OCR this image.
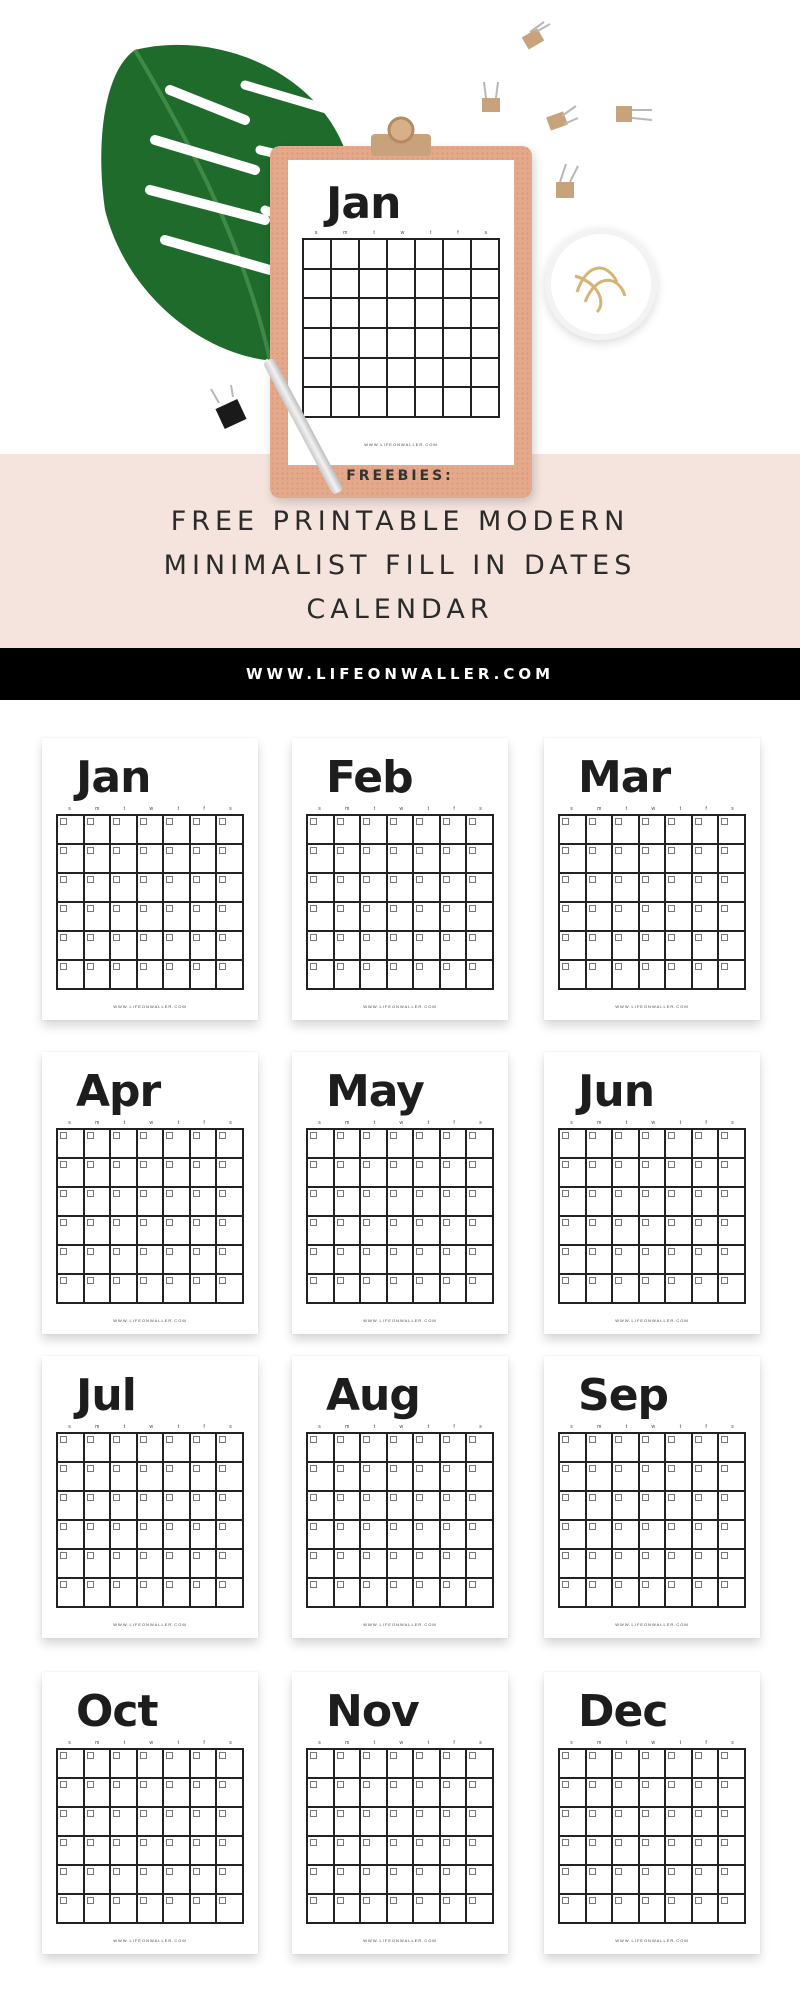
Jan
s	m	t	w	t	f	s
WWW.LIFEONWALLER.COM
FREEBIES:
FREE PRINTABLE MODERN
MINIMALIST FILL IN DATES
CALENDAR
WWW.LIFEONWALLER.COM
Jan
s	m	t	w	t	f	s
WWW.LIFEONWALLER.COM
Feb
s	m	t	w	t	f	s
WWW.LIFEONWALLER.COM
Mar
s	m	t	w	t	f	s
WWW.LIFEONWALLER.COM
Apr
s	m	t	w	t	f	s
WWW.LIFEONWALLER.COM
May
s	m	t	w	t	f	s
WWW.LIFEONWALLER.COM
Jun
s	m	t	w	t	f	s
WWW.LIFEONWALLER.COM
Jul
s	m	t	w	t	f	s
WWW.LIFEONWALLER.COM
Aug
s	m	t	w	t	f	s
WWW.LIFEONWALLER.COM
Sep
s	m	t	w	t	f	s
WWW.LIFEONWALLER.COM
Oct
s	m	t	w	t	f	s
WWW.LIFEONWALLER.COM
Nov
s	m	t	w	t	f	s
WWW.LIFEONWALLER.COM
Dec
s	m	t	w	t	f	s
WWW.LIFEONWALLER.COM
